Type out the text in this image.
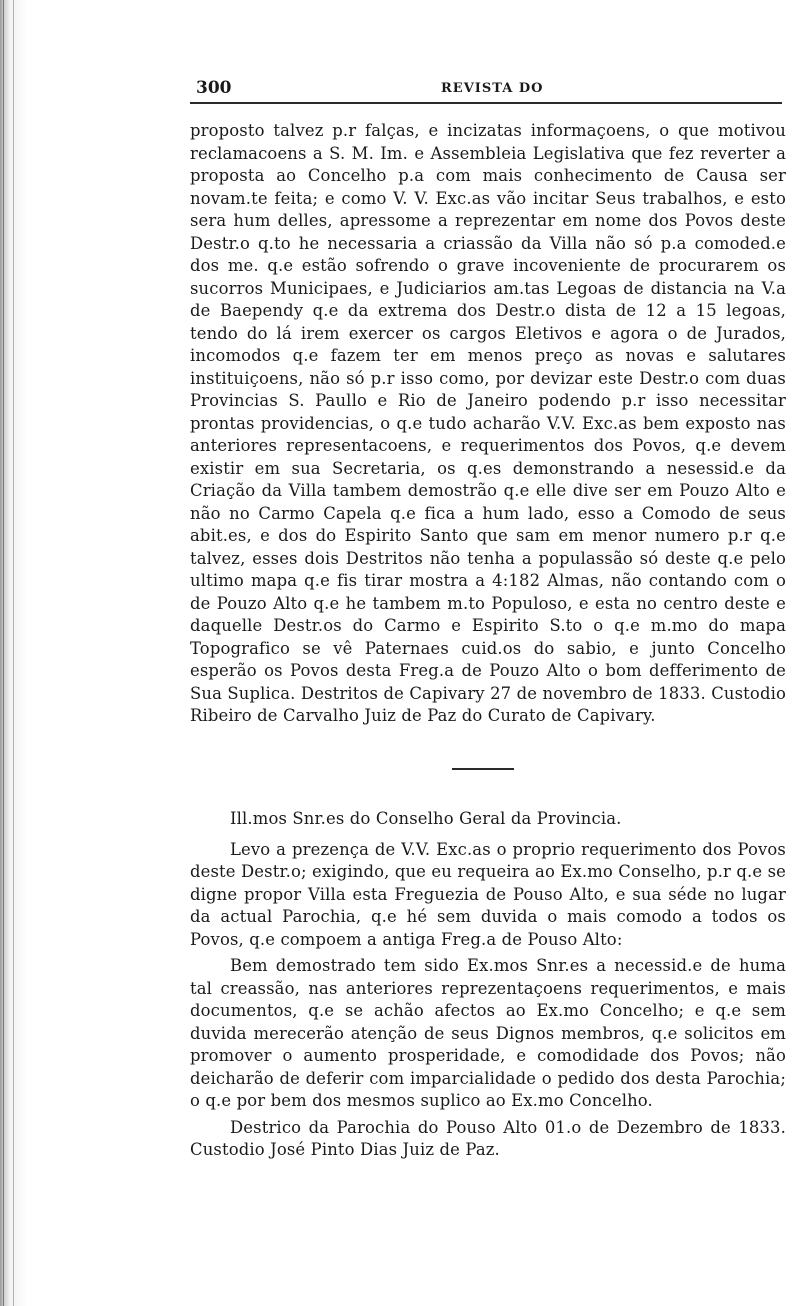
300	REVISTA DO

proposto talvez p.r falças, e incizatas informaçoens, o que motivou reclamacoens a S. M. Im. e Assembleia Legislativa que fez reverter a proposta ao Concelho p.a com mais conhecimento de Causa ser novam.te feita; e como V. V. Exc.as vão incitar Seus trabalhos, e esto sera hum delles, apressome a reprezentar em nome dos Povos deste Destr.o q.to he necessaria a criassão da Villa não só p.a comoded.e dos me. q.e estão sofrendo o grave incoveniente de procurarem os sucorros Municipaes, e Judiciarios am.tas Legoas de distancia na V.a de Baependy q.e da extrema dos Destr.o dista de 12 a 15 legoas, tendo do lá irem exercer os cargos Eletivos e agora o de Jurados, incomodos q.e fazem ter em menos preço as novas e salutares instituiçoens, não só p.r isso como, por devizar este Destr.o com duas Provincias S. Paullo e Rio de Janeiro podendo p.r isso necessitar prontas providencias, o q.e tudo acharão V.V. Exc.as bem exposto nas anteriores representacoens, e requerimentos dos Povos, q.e devem existir em sua Secretaria, os q.es demonstrando a nesessid.e da Criação da Villa tambem demostrão q.e elle dive ser em Pouzo Alto e não no Carmo Capela q.e fica a hum lado, esso a Comodo de seus abit.es, e dos do Espirito Santo que sam em menor numero p.r q.e talvez, esses dois Destritos não tenha a populassão só deste q.e pelo ultimo mapa q.e fis tirar mostra a 4:182 Almas, não contando com o de Pouzo Alto q.e he tambem m.to Populoso, e esta no centro deste e daquelle Destr.os do Carmo e Espirito S.to o q.e m.mo do mapa Topografico se vê Paternaes cuid.os do sabio, e junto Concelho esperão os Povos desta Freg.a de Pouzo Alto o bom defferimento de Sua Suplica. Destritos de Capivary 27 de novembro de 1833. Custodio Ribeiro de Carvalho Juiz de Paz do Curato de Capivary.

Ill.mos Snr.es do Conselho Geral da Provincia.

Levo a prezença de V.V. Exc.as o proprio requerimento dos Povos deste Destr.o; exigindo, que eu requeira ao Ex.mo Conselho, p.r q.e se digne propor Villa esta Freguezia de Pouso Alto, e sua séde no lugar da actual Parochia, q.e hé sem duvida o mais comodo a todos os Povos, q.e compoem a antiga Freg.a de Pouso Alto:

Bem demostrado tem sido Ex.mos Snr.es a necessid.e de huma tal creassão, nas anteriores reprezentaçoens requerimentos, e mais documentos, q.e se achão afectos ao Ex.mo Concelho; e q.e sem duvida merecerão atenção de seus Dignos membros, q.e solicitos em promover o aumento prosperidade, e comodidade dos Povos; não deicharão de deferir com imparcialidade o pedido dos desta Parochia; o q.e por bem dos mesmos suplico ao Ex.mo Concelho.

Destrico da Parochia do Pouso Alto 01.o de Dezembro de 1833. Custodio José Pinto Dias Juiz de Paz.
